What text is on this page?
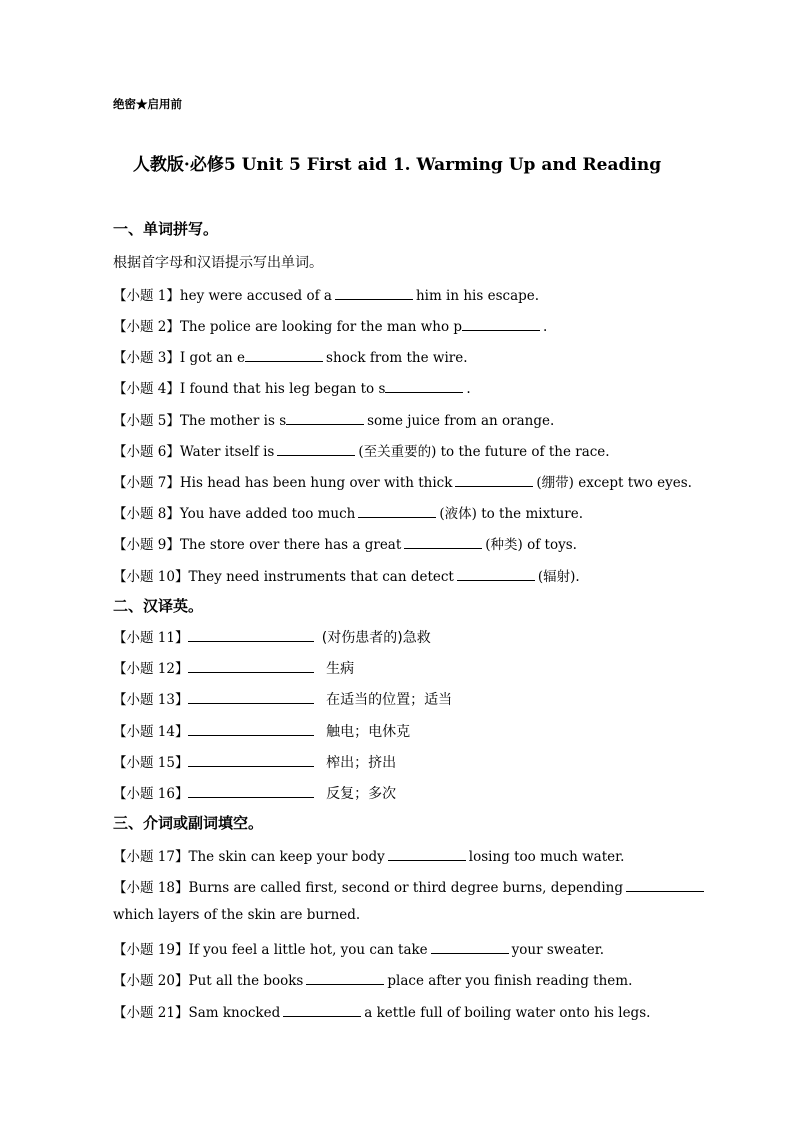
绝密★启用前
人教版·必修5 Unit 5 First aid 1. Warming Up and Reading
一、单词拼写。
根据首字母和汉语提示写出单词。
【小题 1】hey were accused of a	him in his escape.
【小题 2】The police are looking for the man who p	.
【小题 3】I got an e	shock from the wire.
【小题 4】I found that his leg began to s	.
【小题 5】The mother is s	some juice from an orange.
【小题 6】Water itself is	(至关重要的) to the future of the race.
【小题 7】His head has been hung over with thick	(绷带) except two eyes.
【小题 8】You have added too much	(液体) to the mixture.
【小题 9】The store over there has a great	(种类) of toys.
【小题 10】They need instruments that can detect	(辐射).
二、汉译英。
【小题 11】	(对伤患者的)急救
【小题 12】	生病
【小题 13】	在适当的位置；适当
【小题 14】	触电；电休克
【小题 15】	榨出；挤出
【小题 16】	反复；多次
三、介词或副词填空。
【小题 17】The skin can keep your body	losing too much water.
【小题 18】Burns are called first, second or third degree burns, depending
which layers of the skin are burned.
【小题 19】If you feel a little hot, you can take	your sweater.
【小题 20】Put all the books	place after you finish reading them.
【小题 21】Sam knocked	a kettle full of boiling water onto his legs.
